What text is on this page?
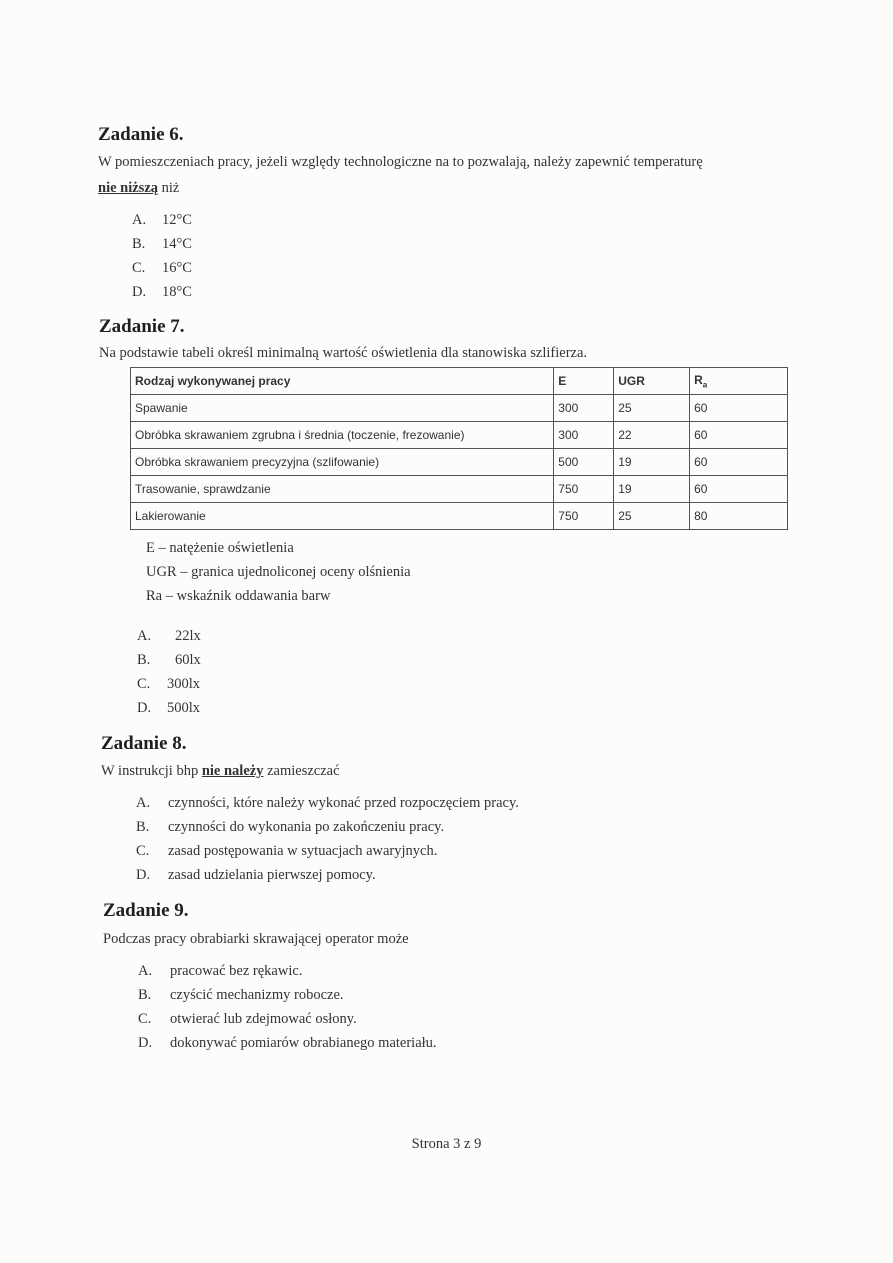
Zadanie 6.
W pomieszczeniach pracy, jeżeli względy technologiczne na to pozwalają, należy zapewnić temperaturę
nie niższą niż
A. 12°C
B. 14°C
C. 16°C
D. 18°C
Zadanie 7.
Na podstawie tabeli określ minimalną wartość oświetlenia dla stanowiska szlifierza.
Rodzaj wykonywanej pracy	E	UGR	$R_a$
Spawanie	300	25	60
Obróbka skrawaniem zgrubna i średnia (toczenie, frezowanie)	300	22	60
Obróbka skrawaniem precyzyjna (szlifowanie)	500	19	60
Trasowanie, sprawdzanie	750	19	60
Lakierowanie	750	25	80
E – natężenie oświetlenia
UGR – granica ujednoliconej oceny olśnienia
Ra – wskaźnik oddawania barw
A. 22lx
B. 60lx
C. 300lx
D. 500lx
Zadanie 8.
W instrukcji bhp nie należy zamieszczać
A. czynności, które należy wykonać przed rozpoczęciem pracy.
B. czynności do wykonania po zakończeniu pracy.
C. zasad postępowania w sytuacjach awaryjnych.
D. zasad udzielania pierwszej pomocy.
Zadanie 9.
Podczas pracy obrabiarki skrawającej operator może
A. pracować bez rękawic.
B. czyścić mechanizmy robocze.
C. otwierać lub zdejmować osłony.
D. dokonywać pomiarów obrabianego materiału.
Strona 3 z 9
